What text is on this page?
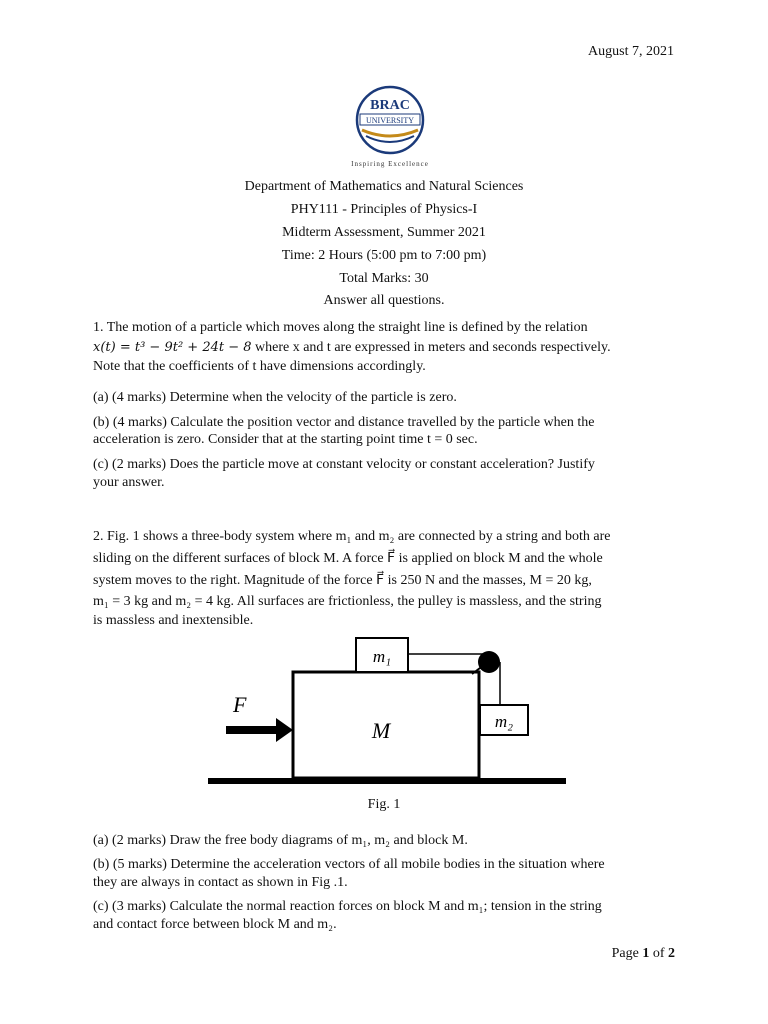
August 7, 2021
BRAC
UNIVERSITY
Inspiring Excellence
Department of Mathematics and Natural Sciences
PHY111 - Principles of Physics-I
Midterm Assessment, Summer 2021
Time: 2 Hours (5:00 pm to 7:00 pm)
Total Marks: 30
Answer all questions.
1. The motion of a particle which moves along the straight line is defined by the relation
x(t) = t³ − 9t² + 24t − 8 where x and t are expressed in meters and seconds respectively.
Note that the coefficients of t have dimensions accordingly.
(a) (4 marks) Determine when the velocity of the particle is zero.
(b) (4 marks) Calculate the position vector and distance travelled by the particle when the
acceleration is zero. Consider that at the starting point time t = 0 sec.
(c) (2 marks) Does the particle move at constant velocity or constant acceleration? Justify
your answer.
2. Fig. 1 shows a three-body system where m₁ and m₂ are connected by a string and both are
sliding on the different surfaces of block M. A force F⃗ is applied on block M and the whole
system moves to the right. Magnitude of the force F⃗ is 250 N and the masses, M = 20 kg,
m₁ = 3 kg and m₂ = 4 kg. All surfaces are frictionless, the pulley is massless, and the string
is massless and inextensible.
F⃗
M
m₁
m₂
Fig. 1
(a) (2 marks) Draw the free body diagrams of m₁, m₂ and block M.
(b) (5 marks) Determine the acceleration vectors of all mobile bodies in the situation where
they are always in contact as shown in Fig .1.
(c) (3 marks) Calculate the normal reaction forces on block M and m₁; tension in the string
and contact force between block M and m₂.
Page 1 of 2
